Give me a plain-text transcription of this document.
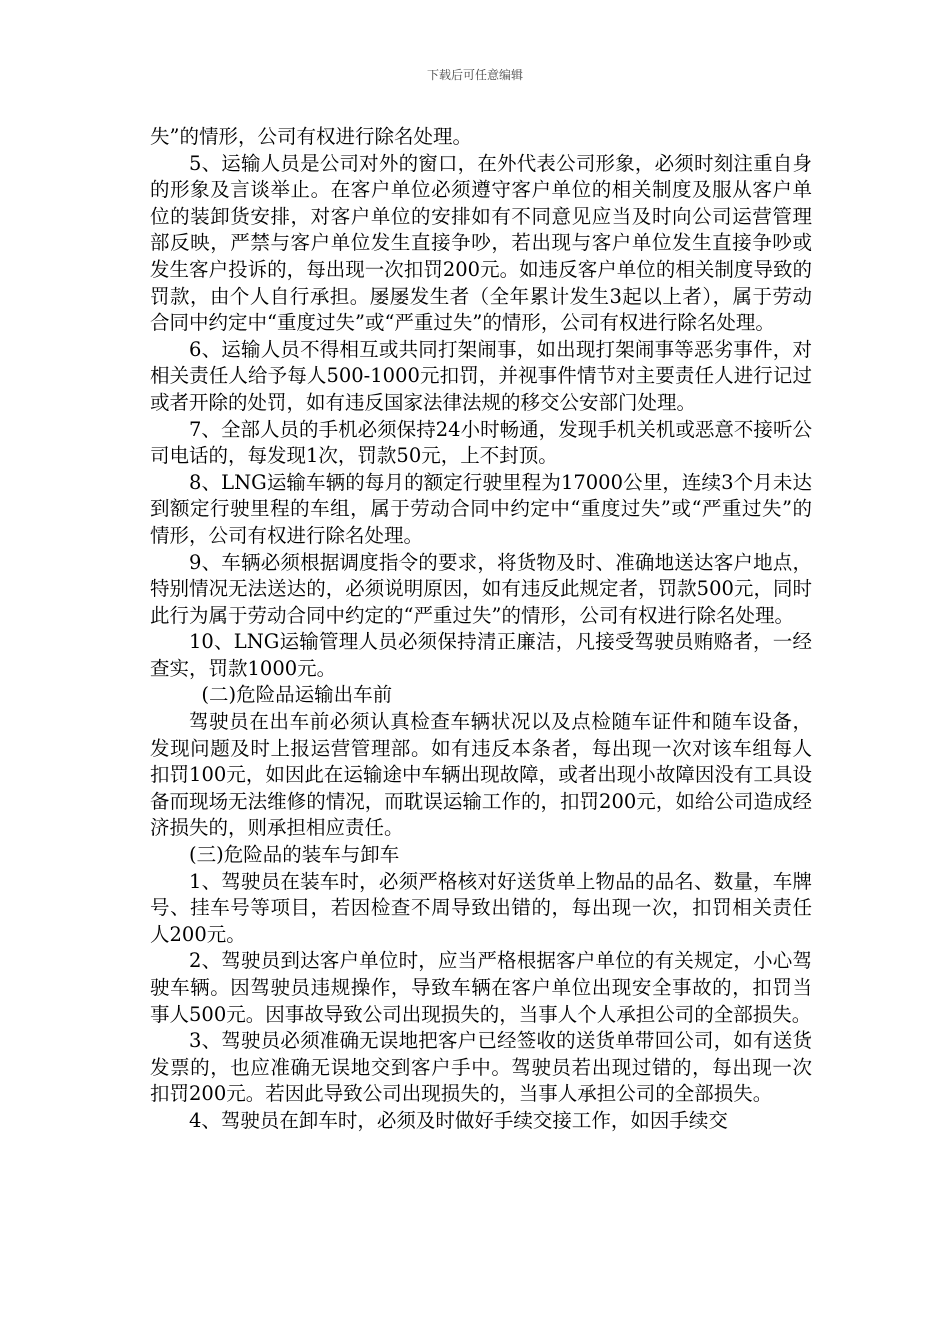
下载后可任意编辑

失”的情形，公司有权进行除名处理。

5、运输人员是公司对外的窗口，在外代表公司形象，必须时刻注重自身的形象及言谈举止。在客户单位必须遵守客户单位的相关制度及服从客户单位的装卸货安排，对客户单位的安排如有不同意见应当及时向公司运营管理部反映，严禁与客户单位发生直接争吵，若出现与客户单位发生直接争吵或发生客户投诉的，每出现一次扣罚200元。如违反客户单位的相关制度导致的罚款，由个人自行承担。屡屡发生者（全年累计发生3起以上者），属于劳动合同中约定中“重度过失”或“严重过失”的情形，公司有权进行除名处理。

6、运输人员不得相互或共同打架闹事，如出现打架闹事等恶劣事件，对相关责任人给予每人500-1000元扣罚，并视事件情节对主要责任人进行记过或者开除的处罚，如有违反国家法律法规的移交公安部门处理。

7、全部人员的手机必须保持24小时畅通，发现手机关机或恶意不接听公司电话的，每发现1次，罚款50元，上不封顶。

8、LNG运输车辆的每月的额定行驶里程为17000公里，连续3个月未达到额定行驶里程的车组，属于劳动合同中约定中“重度过失”或“严重过失”的情形，公司有权进行除名处理。

9、车辆必须根据调度指令的要求，将货物及时、准确地送达客户地点，特别情况无法送达的，必须说明原因，如有违反此规定者，罚款500元，同时此行为属于劳动合同中约定的“严重过失”的情形，公司有权进行除名处理。

10、LNG运输管理人员必须保持清正廉洁，凡接受驾驶员贿赂者，一经查实，罚款1000元。

(二)危险品运输出车前

驾驶员在出车前必须认真检查车辆状况以及点检随车证件和随车设备，发现问题及时上报运营管理部。如有违反本条者，每出现一次对该车组每人扣罚100元，如因此在运输途中车辆出现故障，或者出现小故障因没有工具设备而现场无法维修的情况，而耽误运输工作的，扣罚200元，如给公司造成经济损失的，则承担相应责任。

(三)危险品的装车与卸车

1、驾驶员在装车时，必须严格核对好送货单上物品的品名、数量，车牌号、挂车号等项目，若因检查不周导致出错的，每出现一次，扣罚相关责任人200元。

2、驾驶员到达客户单位时，应当严格根据客户单位的有关规定，小心驾驶车辆。因驾驶员违规操作，导致车辆在客户单位出现安全事故的，扣罚当事人500元。因事故导致公司出现损失的，当事人个人承担公司的全部损失。

3、驾驶员必须准确无误地把客户已经签收的送货单带回公司，如有送货发票的，也应准确无误地交到客户手中。驾驶员若出现过错的，每出现一次扣罚200元。若因此导致公司出现损失的，当事人承担公司的全部损失。

4、驾驶员在卸车时，必须及时做好手续交接工作，如因手续交
